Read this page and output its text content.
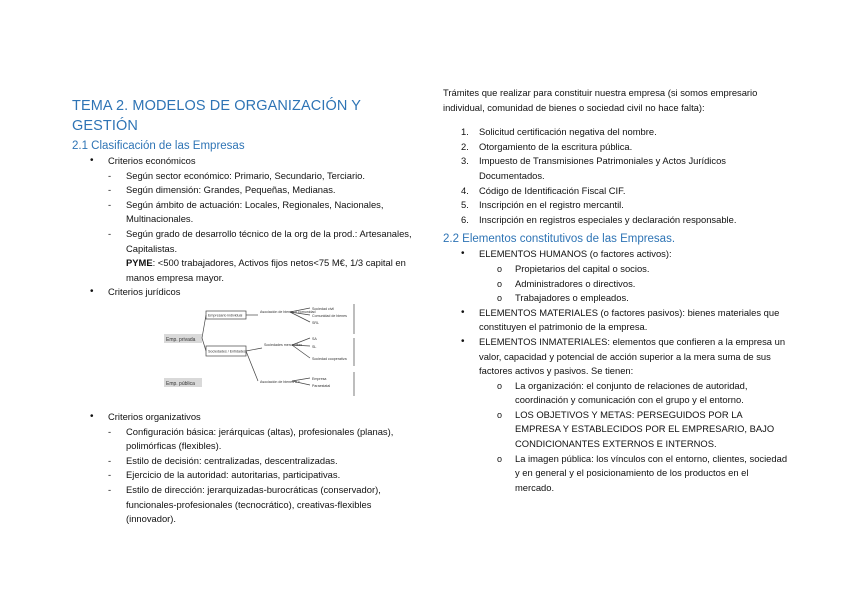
TEMA 2. MODELOS DE ORGANIZACIÓN Y GESTIÓN
2.1 Clasificación de las Empresas
• Criterios económicos
- Según sector económico: Primario, Secundario, Terciario.
- Según dimensión: Grandes, Pequeñas, Medianas.
- Según ámbito de actuación: Locales, Regionales, Nacionales, Multinacionales.
- Según grado de desarrollo técnico de la org de la prod.: Artesanales, Capitalistas.
PYME: <500 trabajadores, Activos fijos netos<75 M€, 1/3 capital en manos empresa mayor.
• Criterios jurídicos
Emp. privada
Emp. pública
Empresario individual
Sociedades / Entidades
Asociación de bienes o comunidad
Sociedades mercantiles
Asociación de bienes o c.
Sociedad civil
Comunidad de bienes
SRL
SA
SL
Sociedad cooperativa
Empresa
Paraestatal
• Criterios organizativos
- Configuración básica: jerárquicas (altas), profesionales (planas), polimórficas (flexibles).
- Estilo de decisión: centralizadas, descentralizadas.
- Ejercicio de la autoridad: autoritarias, participativas.
- Estilo de dirección: jerarquizadas-burocráticas (conservador), funcionales-profesionales (tecnocrático), creativas-flexibles (innovador).
Trámites que realizar para constituir nuestra empresa (si somos empresario individual, comunidad de bienes o sociedad civil no hace falta):
1. Solicitud certificación negativa del nombre.
2. Otorgamiento de la escritura pública.
3. Impuesto de Transmisiones Patrimoniales y Actos Jurídicos Documentados.
4. Código de Identificación Fiscal CIF.
5. Inscripción en el registro mercantil.
6. Inscripción en registros especiales y declaración responsable.
2.2 Elementos constitutivos de las Empresas.
• ELEMENTOS HUMANOS (o factores activos):
o Propietarios del capital o socios.
o Administradores o directivos.
o Trabajadores o empleados.
• ELEMENTOS MATERIALES (o factores pasivos): bienes materiales que constituyen el patrimonio de la empresa.
• ELEMENTOS INMATERIALES: elementos que confieren a la empresa un valor, capacidad y potencial de acción superior a la mera suma de sus factores activos y pasivos. Se tienen:
o La organización: el conjunto de relaciones de autoridad, coordinación y comunicación con el grupo y el entorno.
o LOS OBJETIVOS Y METAS: PERSEGUIDOS POR LA EMPRESA Y ESTABLECIDOS POR EL EMPRESARIO, BAJO CONDICIONANTES EXTERNOS E INTERNOS.
o La imagen pública: los vínculos con el entorno, clientes, sociedad y en general y el posicionamiento de los productos en el mercado.
